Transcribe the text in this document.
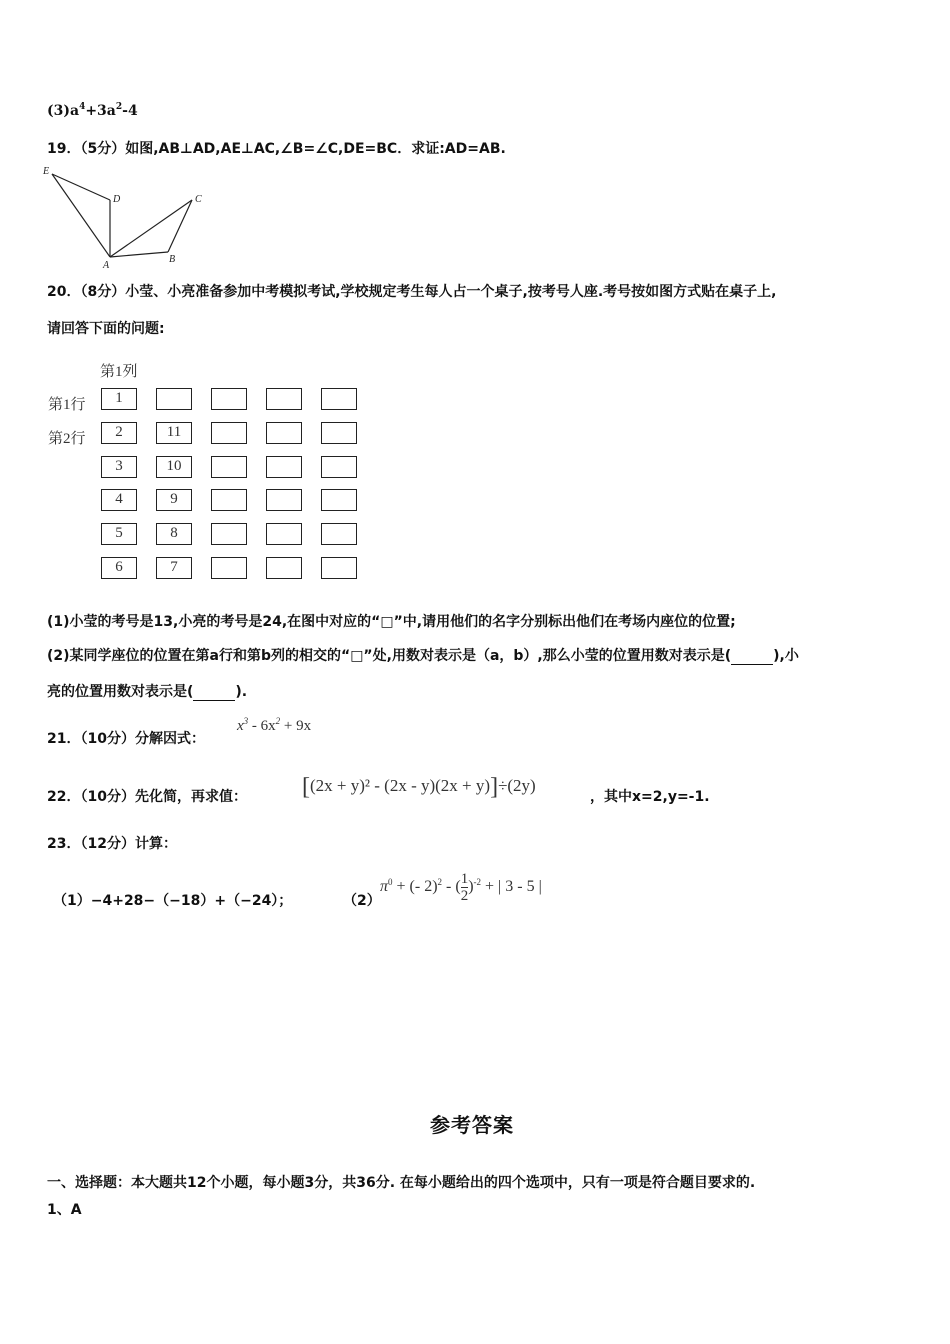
$(3)a^4+3a^2-4$
19．（5分）如图,AB⊥AD,AE⊥AC,∠B=∠C,DE=BC．求证:AD=AB.
E
D	C
A
B
20．（8分）小莹、小亮准备参加中考模拟考试,学校规定考生每人占一个桌子,按考号人座.考号按如图方式贴在桌子上,
请回答下面的问题:
第1列
第1行
第2行
1
2	11
3	10
4	9
5	8
6	7
(1)小莹的考号是13,小亮的考号是24,在图中对应的“□”中,请用他们的名字分别标出他们在考场内座位的位置;
(2)某同学座位的位置在第a行和第b列的相交的“□”处,用数对表示是（a，b）,那么小莹的位置用数对表示是(	),小
亮的位置用数对表示是(	).
21．（10分）分解因式：
$x^3 - 6x^2 + 9x$
22．（10分）先化简，再求值： [(2x + y)² - (2x - y)(2x + y)]÷(2y)
，其中x=2,y=-1.
23．（12分）计算：
（1）−4+28−（−18）+（−24）；	（2）
$\pi^0$ + (- 2)$^2$ - ( $\frac{1}{2} )^{-2}$ + | 3 - 5 |
参考答案
一、选择题：本大题共12个小题，每小题3分，共36分. 在每小题给出的四个选项中，只有一项是符合题目要求的.
1、A
